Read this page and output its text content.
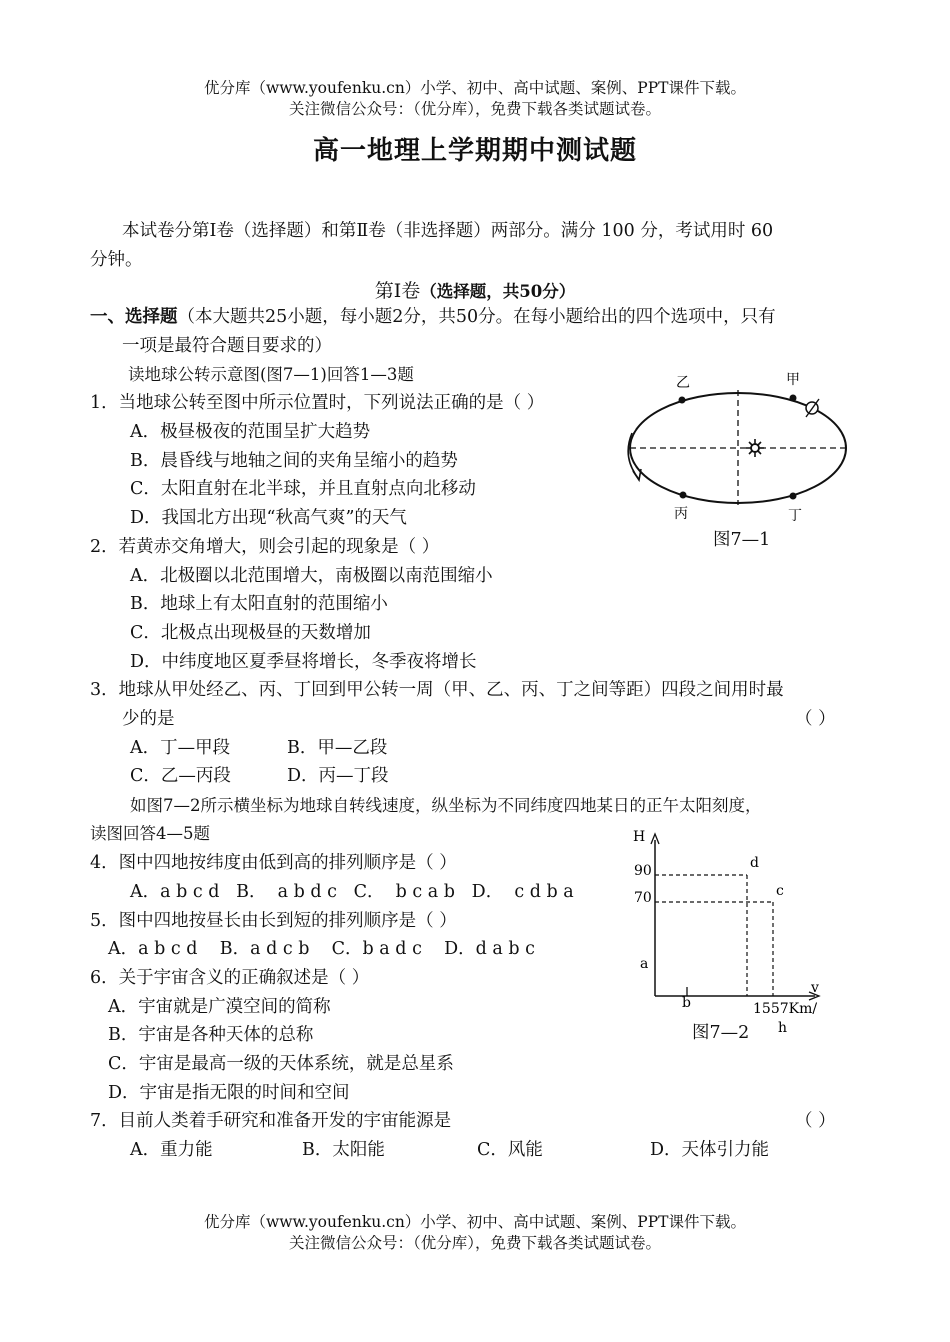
优分库（www.youfenku.cn）小学、初中、高中试题、案例、PPT课件下载。
关注微信公众号：（优分库），免费下载各类试题试卷。
高一地理上学期期中测试题
本试卷分第Ⅰ卷（选择题）和第Ⅱ卷（非选择题）两部分。满分 100 分，考试用时 60
分钟。
第Ⅰ卷（选择题，共50分）
一、选择题（本大题共25小题，每小题2分，共50分。在每小题给出的四个选项中，只有
一项是最符合题目要求的）
读地球公转示意图(图7—1)回答1—3题
1．当地球公转至图中所示位置时，下列说法正确的是（ ）
A．极昼极夜的范围呈扩大趋势
B．晨昏线与地轴之间的夹角呈缩小的趋势
C．太阳直射在北半球，并且直射点向北移动
D．我国北方出现“秋高气爽”的天气
2．若黄赤交角增大，则会引起的现象是（ ）
A．北极圈以北范围增大，南极圈以南范围缩小
B．地球上有太阳直射的范围缩小
C．北极点出现极昼的天数增加
D．中纬度地区夏季昼将增长，冬季夜将增长
3．地球从甲处经乙、丙、丁回到甲公转一周（甲、乙、丙、丁之间等距）四段之间用时最
少的是	（ ）
A．丁—甲段	B．甲—乙段
C．乙—丙段	D．丙—丁段
如图7—2所示横坐标为地球自转线速度，纵坐标为不同纬度四地某日的正午太阳刻度，
读图回答4—5题
4．图中四地按纬度由低到高的排列顺序是（ ）
A．a b c d   B．  a b d c   C．  b c a b   D．  c d b a
5．图中四地按昼长由长到短的排列顺序是（ ）
A．a b c d    B．a d c b    C．b a d c    D．d a b c
6．关于宇宙含义的正确叙述是（ ）
A．宇宙就是广漠空间的简称
B．宇宙是各种天体的总称
C．宇宙是最高一级的天体系统，就是总星系
D．宇宙是指无限的时间和空间
7．目前人类着手研究和准备开发的宇宙能源是	（ ）
A．重力能	B．太阳能	C．风能	D．天体引力能
乙	甲
丙	丁
图7—1
H
v
90
70
a
b
c
d
1557Km/
h
图7—2
优分库（www.youfenku.cn）小学、初中、高中试题、案例、PPT课件下载。
关注微信公众号：（优分库），免费下载各类试题试卷。
